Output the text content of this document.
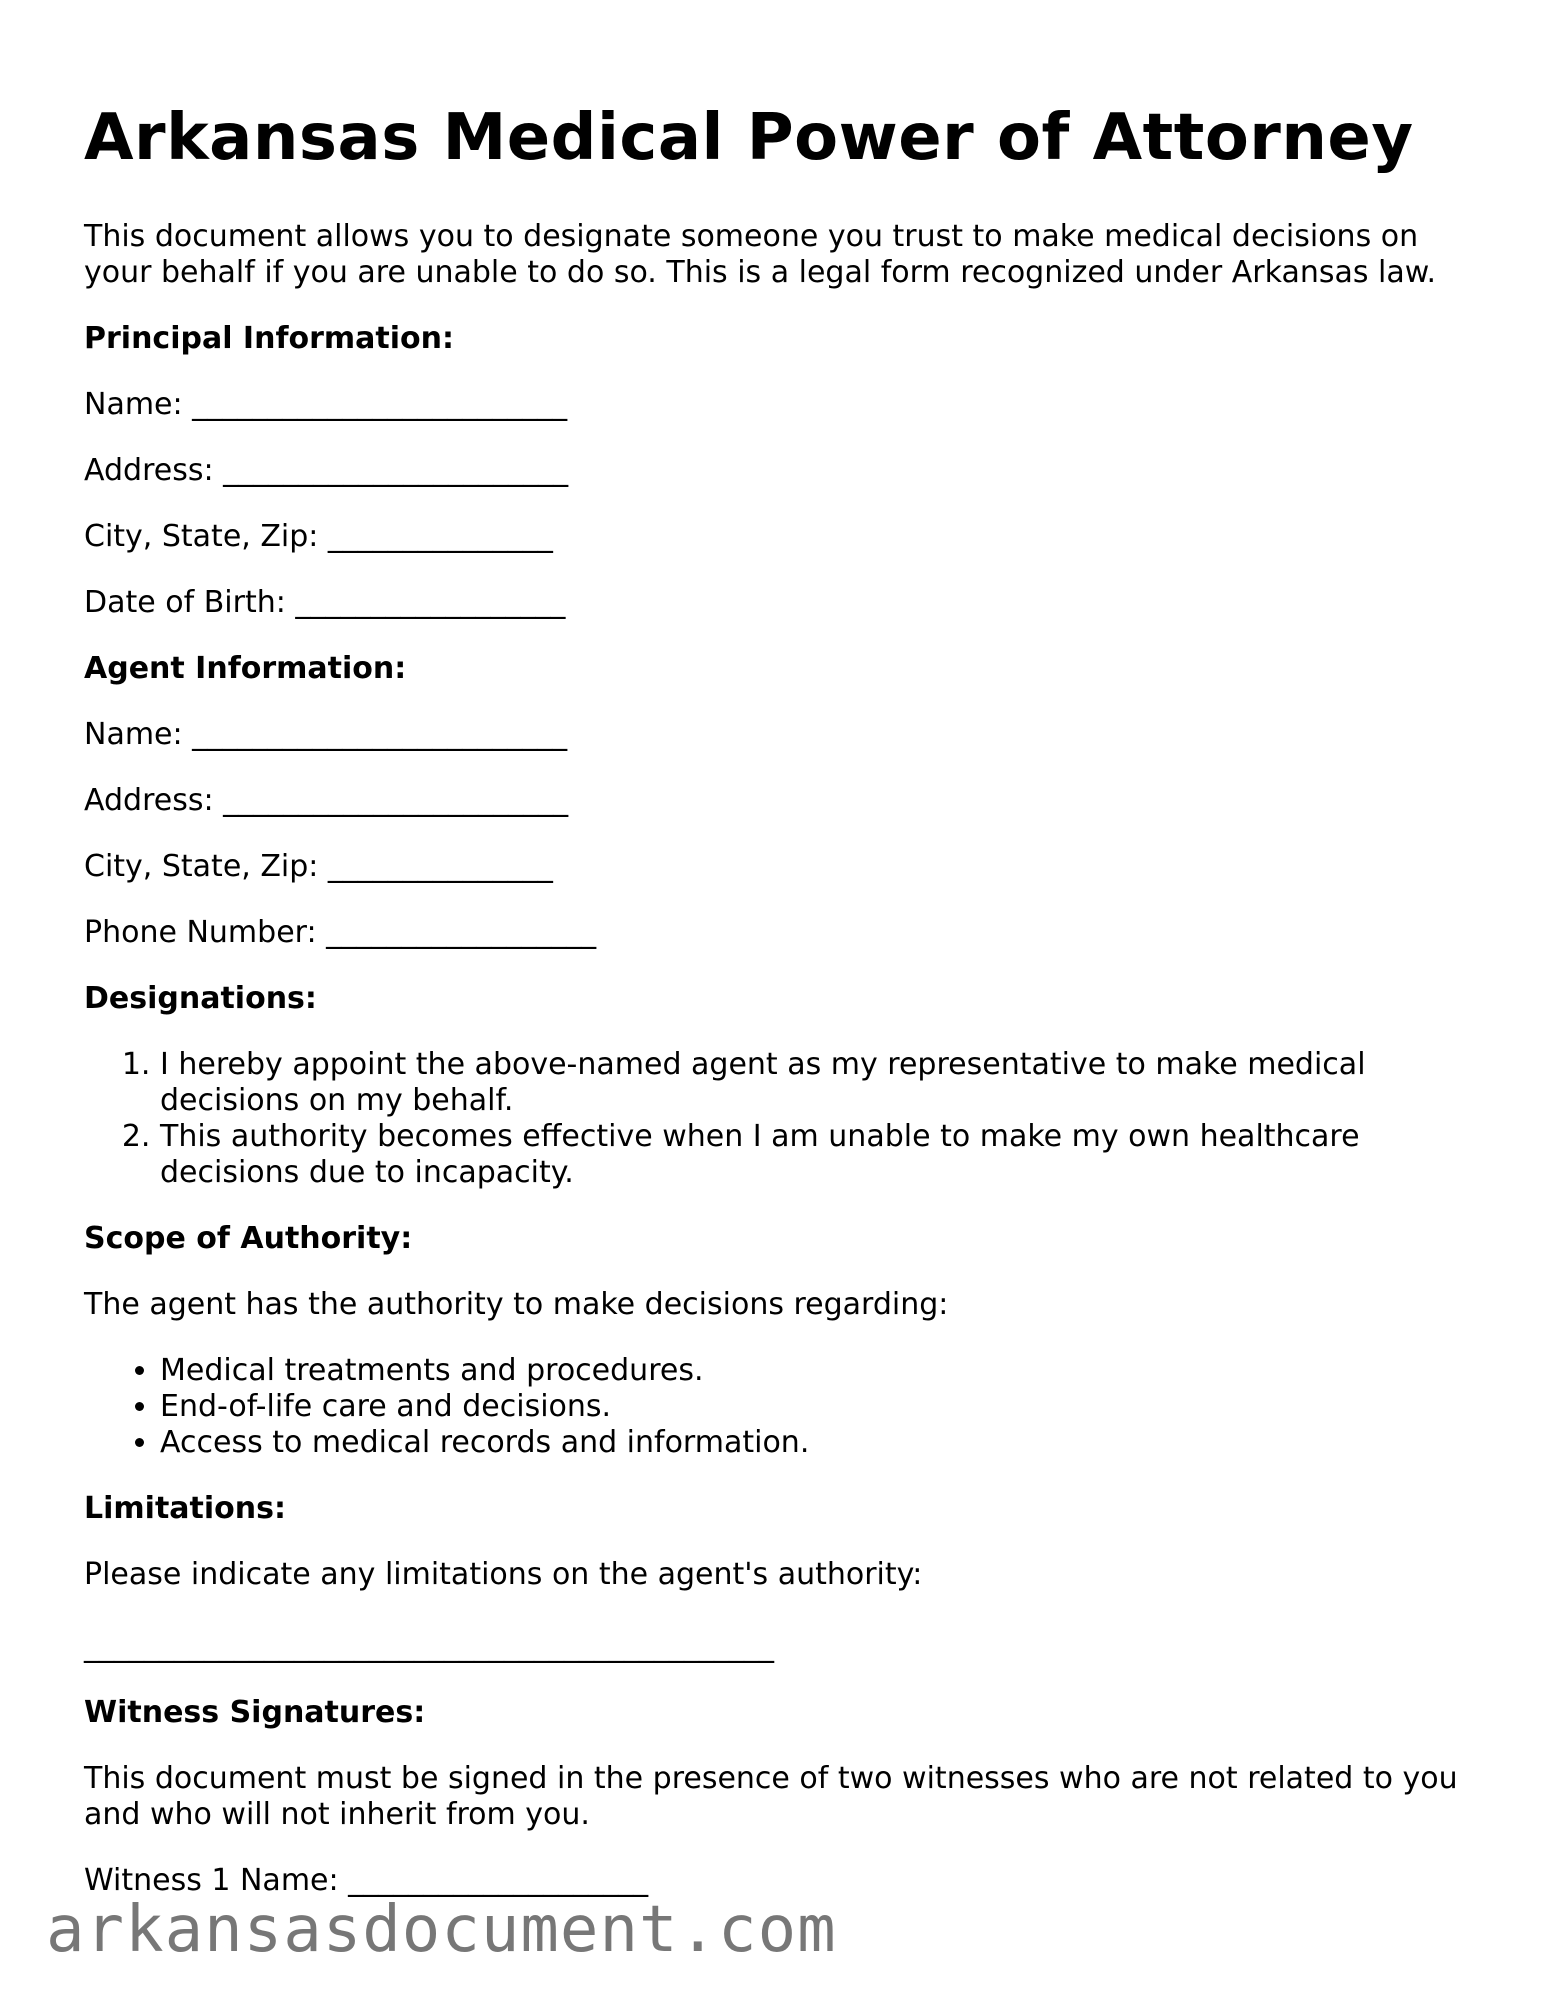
Arkansas Medical Power of Attorney

This document allows you to designate someone you trust to make medical decisions on your behalf if you are unable to do so. This is a legal form recognized under Arkansas law.

Principal Information:
Name: _________________________
Address: _______________________
City, State, Zip: _______________
Date of Birth: __________________
Agent Information:
Name: _________________________
Address: _______________________
City, State, Zip: _______________
Phone Number: __________________
Designations:
1. I hereby appoint the above-named agent as my representative to make medical decisions on my behalf.
2. This authority becomes effective when I am unable to make my own healthcare decisions due to incapacity.
Scope of Authority:

The agent has the authority to make decisions regarding:

• Medical treatments and procedures.
• End-of-life care and decisions.
• Access to medical records and information.
Limitations:

Please indicate any limitations on the agent's authority:

______________________________________________
Witness Signatures:

This document must be signed in the presence of two witnesses who are not related to you and who will not inherit from you.

Witness 1 Name: ____________________
arkansasdocument.com
